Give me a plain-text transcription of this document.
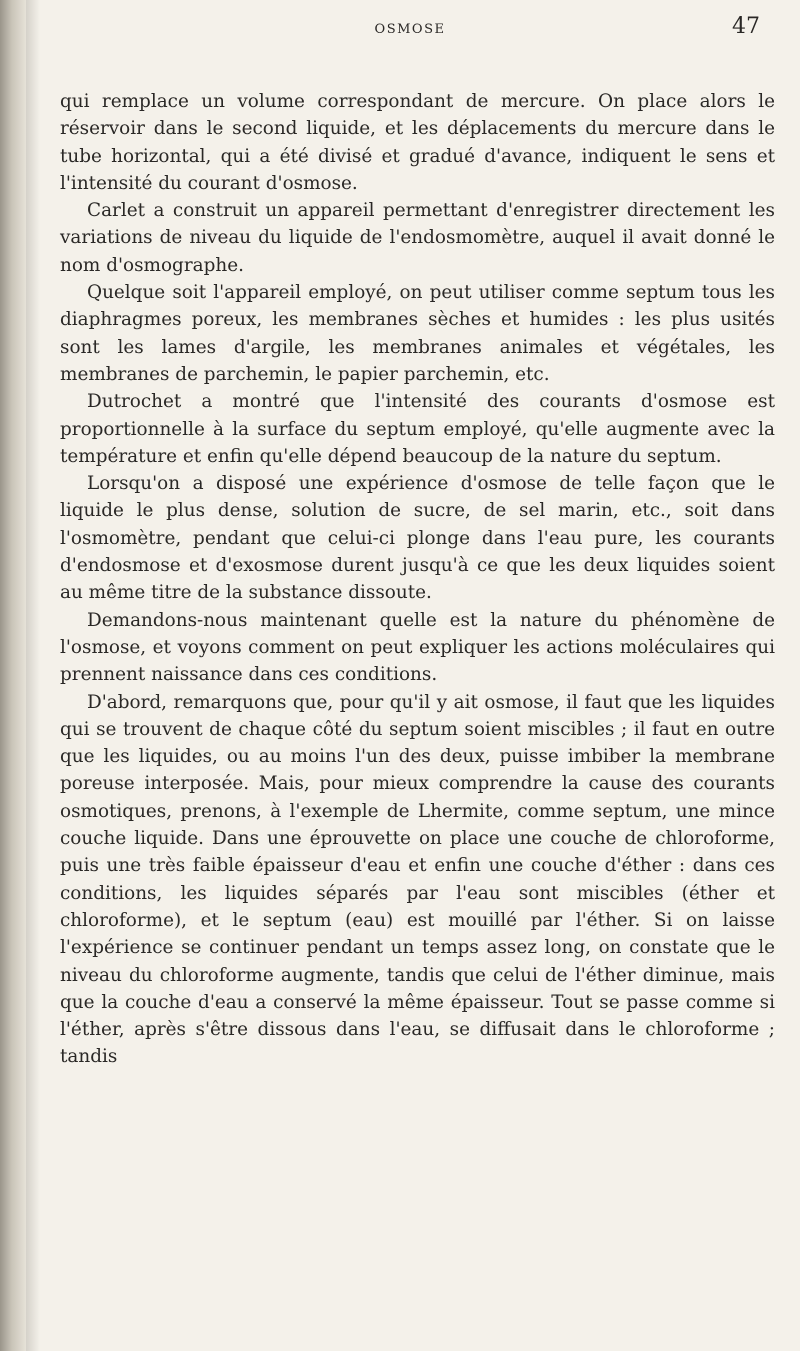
OSMOSE	47

qui remplace un volume correspondant de mercure. On place alors le réservoir dans le second liquide, et les déplacements du mercure dans le tube horizontal, qui a été divisé et gradué d'avance, indiquent le sens et l'intensité du courant d'osmose.

Carlet a construit un appareil permettant d'enregistrer directement les variations de niveau du liquide de l'endosmomètre, auquel il avait donné le nom d'osmographe.

Quelque soit l'appareil employé, on peut utiliser comme septum tous les diaphragmes poreux, les membranes sèches et humides : les plus usités sont les lames d'argile, les membranes animales et végétales, les membranes de parchemin, le papier parchemin, etc.

Dutrochet a montré que l'intensité des courants d'osmose est proportionnelle à la surface du septum employé, qu'elle augmente avec la température et enfin qu'elle dépend beaucoup de la nature du septum.

Lorsqu'on a disposé une expérience d'osmose de telle façon que le liquide le plus dense, solution de sucre, de sel marin, etc., soit dans l'osmomètre, pendant que celui-ci plonge dans l'eau pure, les courants d'endosmose et d'exosmose durent jusqu'à ce que les deux liquides soient au même titre de la substance dissoute.

Demandons-nous maintenant quelle est la nature du phénomène de l'osmose, et voyons comment on peut expliquer les actions moléculaires qui prennent naissance dans ces conditions.

D'abord, remarquons que, pour qu'il y ait osmose, il faut que les liquides qui se trouvent de chaque côté du septum soient miscibles ; il faut en outre que les liquides, ou au moins l'un des deux, puisse imbiber la membrane poreuse interposée. Mais, pour mieux comprendre la cause des courants osmotiques, prenons, à l'exemple de Lhermite, comme septum, une mince couche liquide. Dans une éprouvette on place une couche de chloroforme, puis une très faible épaisseur d'eau et enfin une couche d'éther : dans ces conditions, les liquides séparés par l'eau sont miscibles (éther et chloroforme), et le septum (eau) est mouillé par l'éther. Si on laisse l'expérience se continuer pendant un temps assez long, on constate que le niveau du chloroforme augmente, tandis que celui de l'éther diminue, mais que la couche d'eau a conservé la même épaisseur. Tout se passe comme si l'éther, après s'être dissous dans l'eau, se diffusait dans le chloroforme ; tandis
